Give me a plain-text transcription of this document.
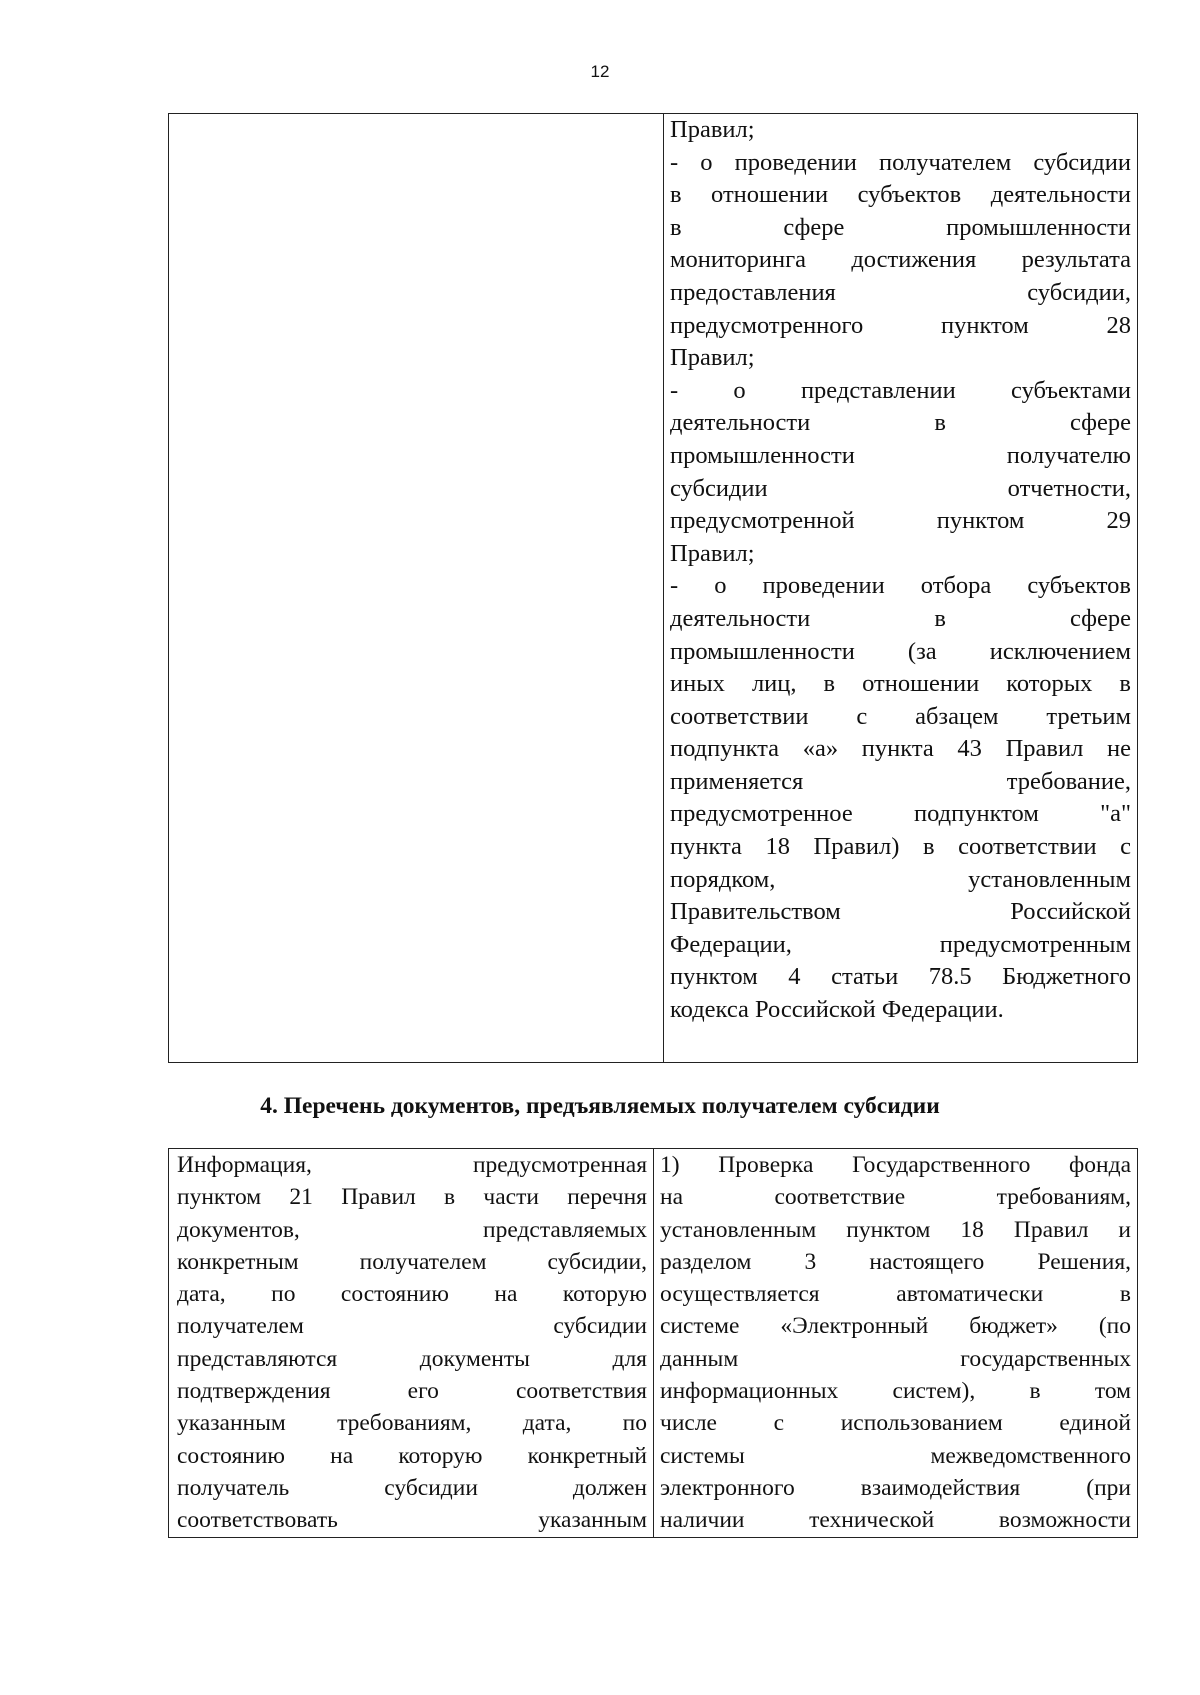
12

Правил;
- о проведении получателем субсидии
в отношении субъектов деятельности
в сфере промышленности
мониторинга достижения результата
предоставления субсидии,
предусмотренного пунктом 28
Правил;
- о представлении субъектами
деятельности в сфере
промышленности получателю
субсидии отчетности,
предусмотренной пунктом 29
Правил;
- о проведении отбора субъектов
деятельности в сфере
промышленности (за исключением
иных лиц, в отношении которых в
соответствии с абзацем третьим
подпункта «а» пункта 43 Правил не
применяется требование,
предусмотренное подпунктом "а"
пункта 18 Правил) в соответствии с
порядком, установленным
Правительством Российской
Федерации, предусмотренным
пунктом 4 статьи 78.5 Бюджетного
кодекса Российской Федерации.
4. Перечень документов, предъявляемых получателем субсидии
Информация, предусмотренная
пунктом 21 Правил в части перечня
документов, представляемых
конкретным получателем субсидии,
дата, по состоянию на которую
получателем субсидии
представляются документы для
подтверждения его соответствия
указанным требованиям, дата, по
состоянию на которую конкретный
получатель субсидии должен
соответствовать указанным

1) Проверка Государственного фонда
на соответствие требованиям,
установленным пунктом 18 Правил и
разделом 3 настоящего Решения,
осуществляется автоматически в
системе «Электронный бюджет» (по
данным государственных
информационных систем), в том
числе с использованием единой
системы межведомственного
электронного взаимодействия (при
наличии технической возможности
